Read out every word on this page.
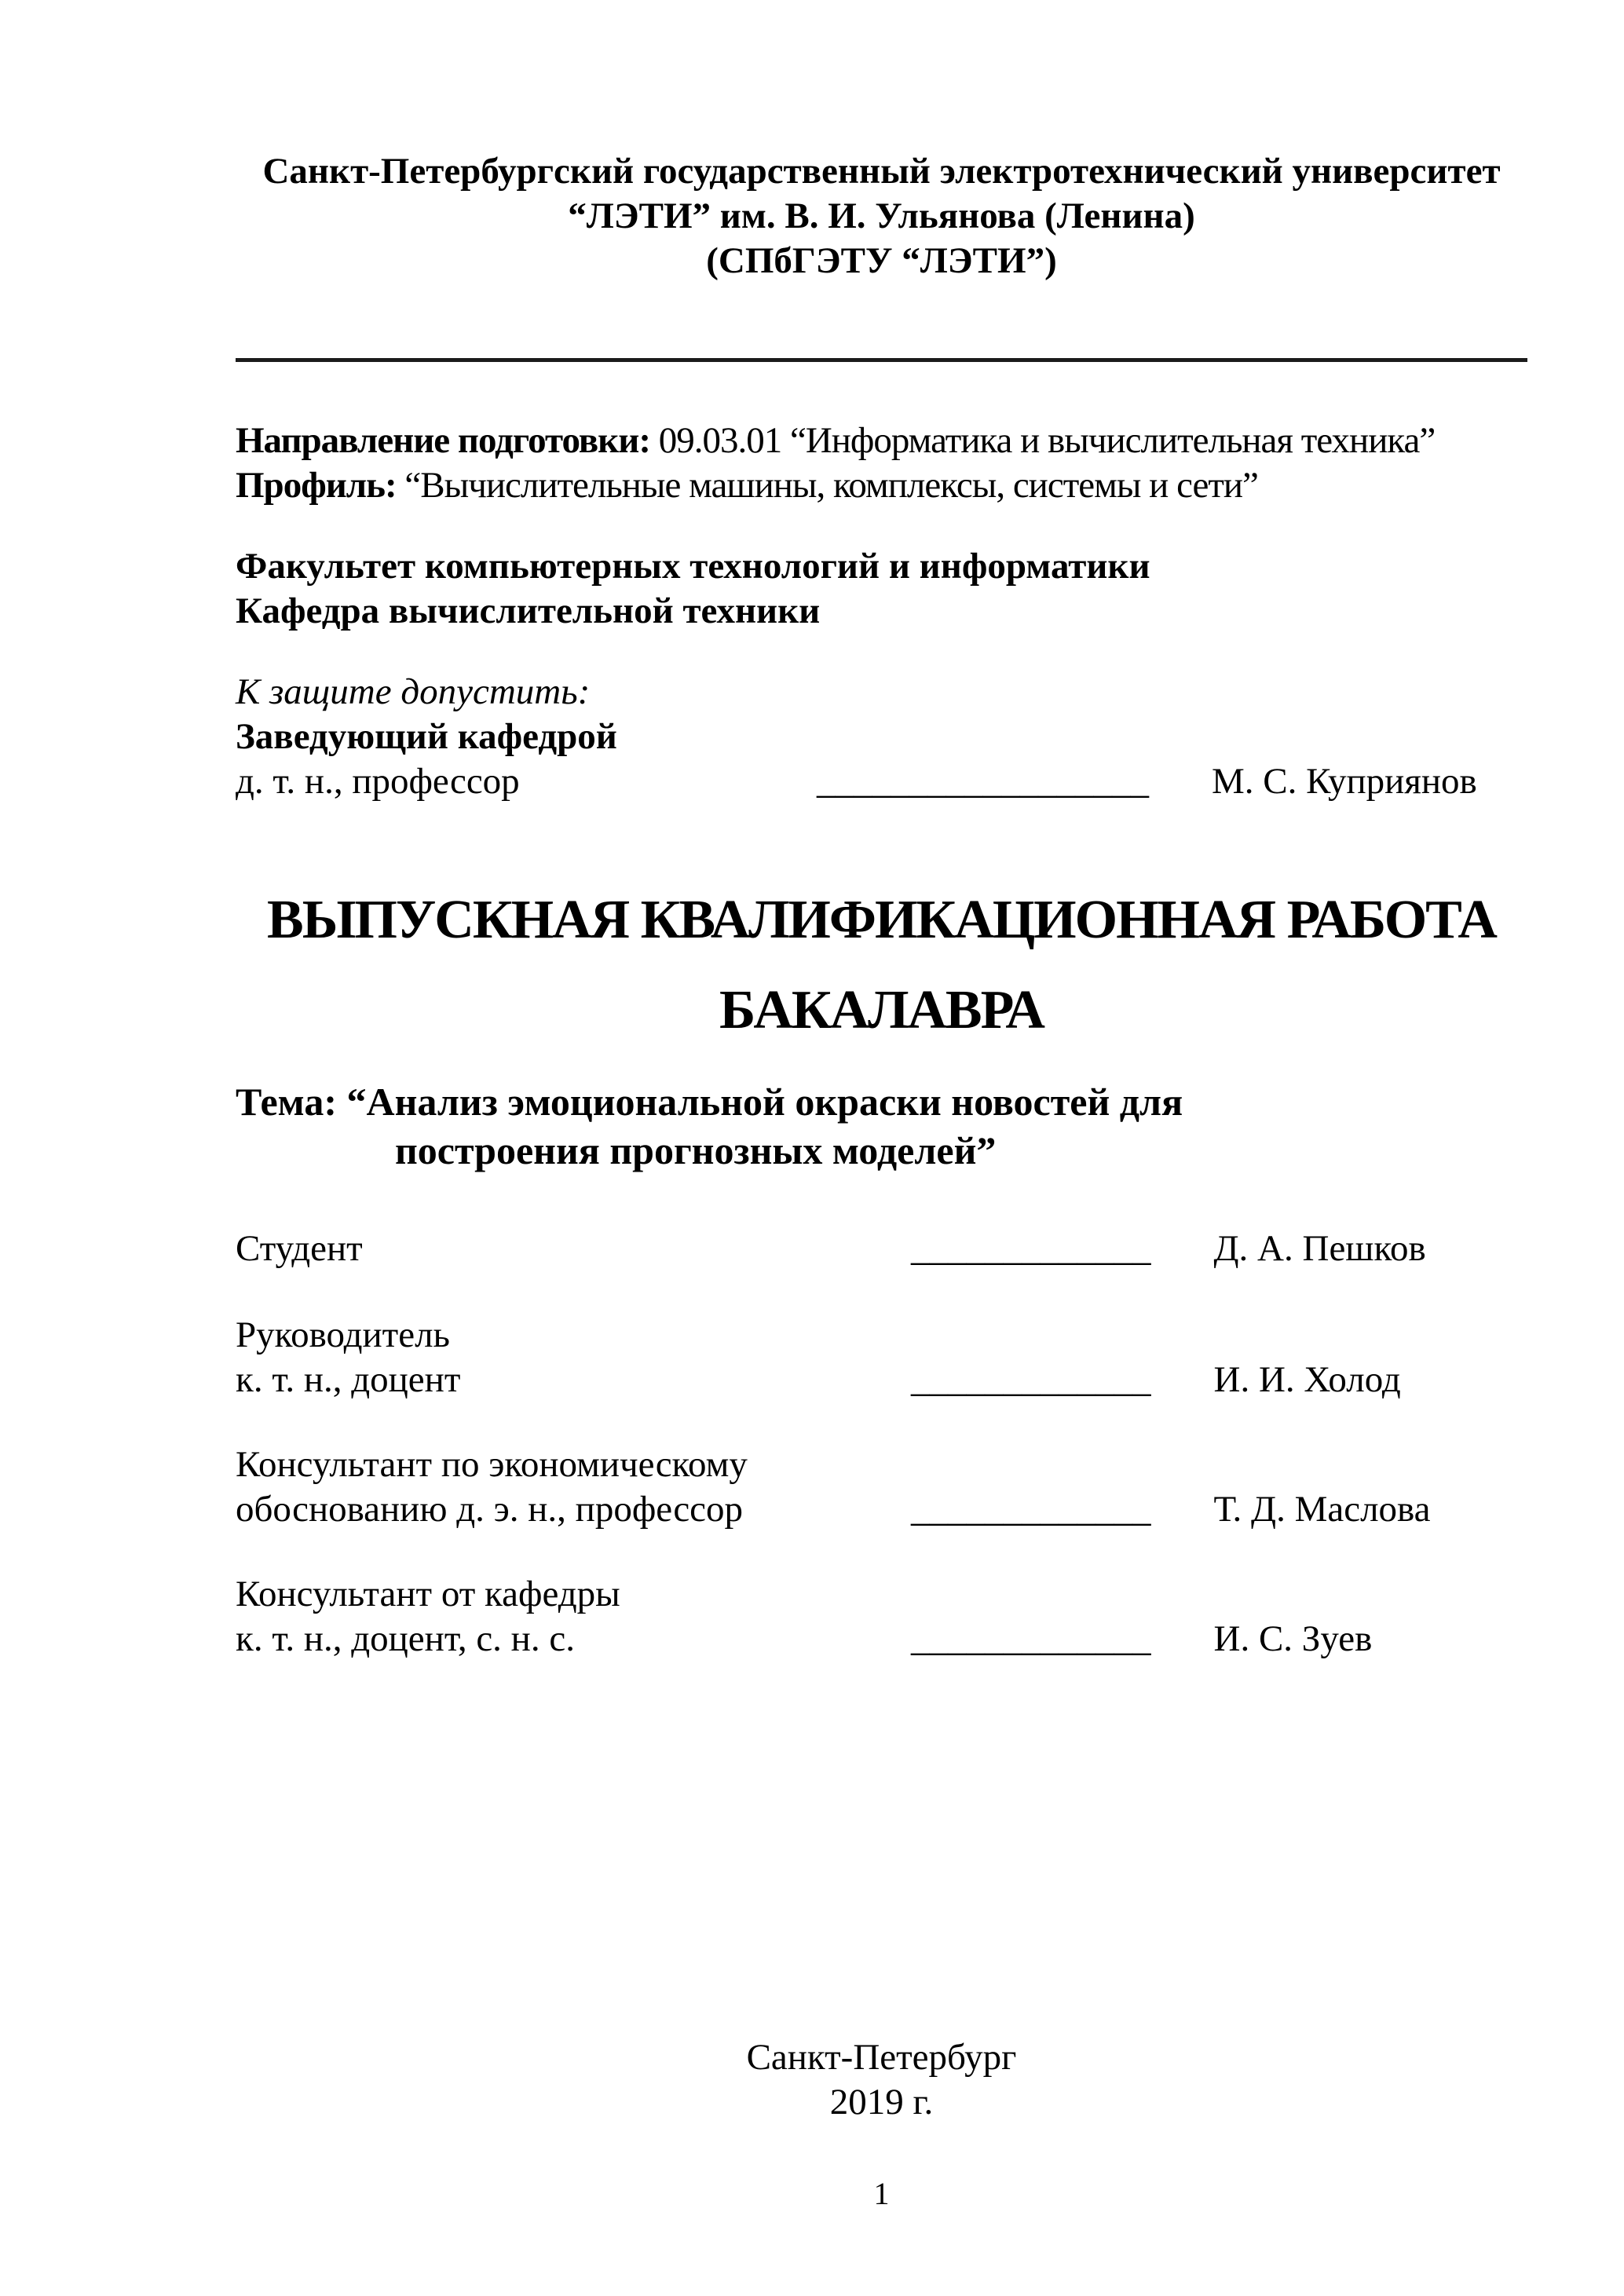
Санкт-Петербургский государственный электротехнический университет
“ЛЭТИ” им. В. И. Ульянова (Ленина)
(СПбГЭТУ “ЛЭТИ”)
Направление подготовки: 09.03.01 “Информатика и вычислительная техника”
Профиль: “Вычислительные машины, комплексы, системы и сети”
Факультет компьютерных технологий и информатики
Кафедра вычислительной техники
К защите допустить:
Заведующий кафедрой
д. т. н., профессор	__________________ М. С. Куприянов
ВЫПУСКНАЯ КВАЛИФИКАЦИОННАЯ РАБОТА
БАКАЛАВРА
Тема: “Анализ эмоциональной окраски новостей для
построения прогнозных моделей”
Студент	_____________ Д. А. Пешков
Руководитель
к. т. н., доцент	_____________ И. И. Холод
Консультант по экономическому
обоснованию д. э. н., профессор	_____________ Т. Д. Маслова
Консультант от кафедры
к. т. н., доцент, с. н. с.	_____________ И. С. Зуев
Санкт-Петербург
2019 г.
1
